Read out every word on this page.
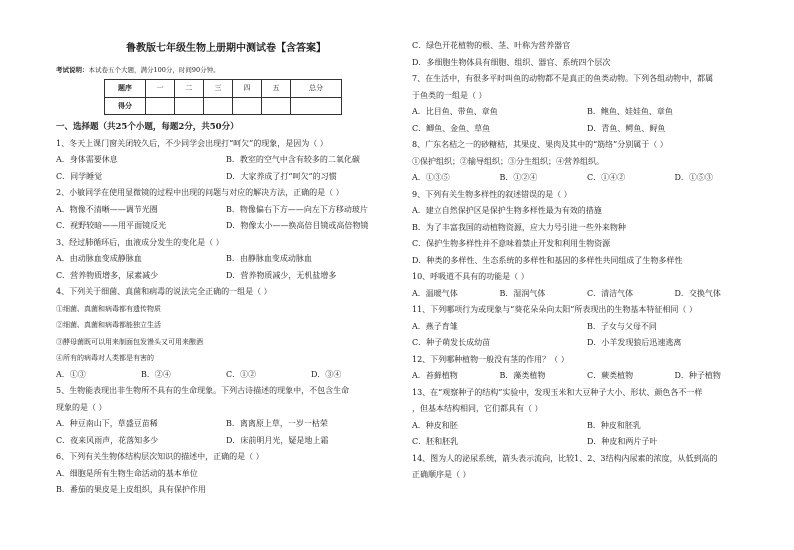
鲁教版七年级生物上册期中测试卷【含答案】
考试说明：本试卷五个大题，满分100分，时间90分钟。
题序	一	二	三	四	五	总分
得分						
一、选择题（共25个小题，每题2分，共50分）
1、冬天上课门窗关闭较久后，不少同学会出现打“呵欠”的现象，是因为（ ）
A．身体需要休息	B．教室的空气中含有较多的二氧化碳
C．同学睡觉	D．大家养成了打“呵欠”的习惯
2、小敏同学在使用显微镜的过程中出现的问题与对应的解决方法，正确的是（ ）
A．物像不清晰——调节光圈	B．物像偏右下方——向左下方移动玻片
C．视野较暗——用平面镜反光	D．物像太小——换高倍目镜或高倍物镜
3、经过肺循环后，血液成分发生的变化是（ ）
A．由动脉血变成静脉血	B．由静脉血变成动脉血
C．营养物质增多，尿素减少	D．营养物质减少，无机盐增多
4、下列关于细菌、真菌和病毒的说法完全正确的一组是（ ）
①细菌、真菌和病毒都有遗传物质
②细菌、真菌和病毒都能独立生活
③酵母菌既可以用来制面包发馒头又可用来酿酒
④所有的病毒对人类都是有害的
A．①③	B．②④	C．①②	D．③④
5、生物能表现出非生物所不具有的生命现象。下列古诗描述的现象中，不包含生命
现象的是（ ）
A．种豆南山下，草盛豆苗稀	B．离离原上草，一岁一枯荣
C．夜来风雨声，花落知多少	D．床前明月光，疑是地上霜
6、下列有关生物体结构层次知识的描述中，正确的是（ ）
A．细胞是所有生物生命活动的基本单位
B．番茄的果皮是上皮组织，具有保护作用
C．绿色开花植物的根、茎、叶称为营养器官
D．多细胞生物体具有细胞、组织、器官、系统四个层次
7、在生活中，有很多平时叫鱼的动物都不是真正的鱼类动物。下列各组动物中，都属
于鱼类的一组是（ ）
A．比目鱼、带鱼、章鱼	B．鲍鱼、娃娃鱼、章鱼
C．鲫鱼、金鱼、草鱼	D．青鱼、鳄鱼、鲟鱼
8、广东名桔之一的砂糖桔，其果皮、果肉及其中的“筋络”分别属于（ ）
①保护组织；②输导组织；③分生组织；④营养组织。
A．①③⑤	B．①②④	C．①④②	D．①⑤③
9、下列有关生物多样性的叙述错误的是（ ）
A．建立自然保护区是保护生物多样性最为有效的措施
B．为了丰富我国的动植物资源，应大力号引进一些外来物种
C．保护生物多样性并不意味着禁止开发和利用生物资源
D．种类的多样性、生态系统的多样性和基因的多样性共同组成了生物多样性
10、呼吸道不具有的功能是（ ）
A．温暖气体	B．湿润气体	C．清洁气体	D．交换气体
11、下列哪项行为或现象与“葵花朵朵向太阳”所表现出的生物基本特征相同（ ）
A．燕子育雏	B．子女与父母不同
C．种子萌发长成幼苗	D．小羊发现狼后迅速逃离
12、下列哪种植物一般没有茎的作用？（ ）
A．苔藓植物	B．藻类植物	C．蕨类植物	D．种子植物
13、在“观察种子的结构”实验中，发现玉米和大豆种子大小、形状、颜色各不一样
，但基本结构相同，它们都具有（ ）
A．种皮和胚	B．种皮和胚乳
C．胚和胚乳	D．种皮和两片子叶
14、图为人的泌尿系统，箭头表示流向，比较1、2、3结构内尿素的浓度，从低到高的
正确顺序是（ ）
